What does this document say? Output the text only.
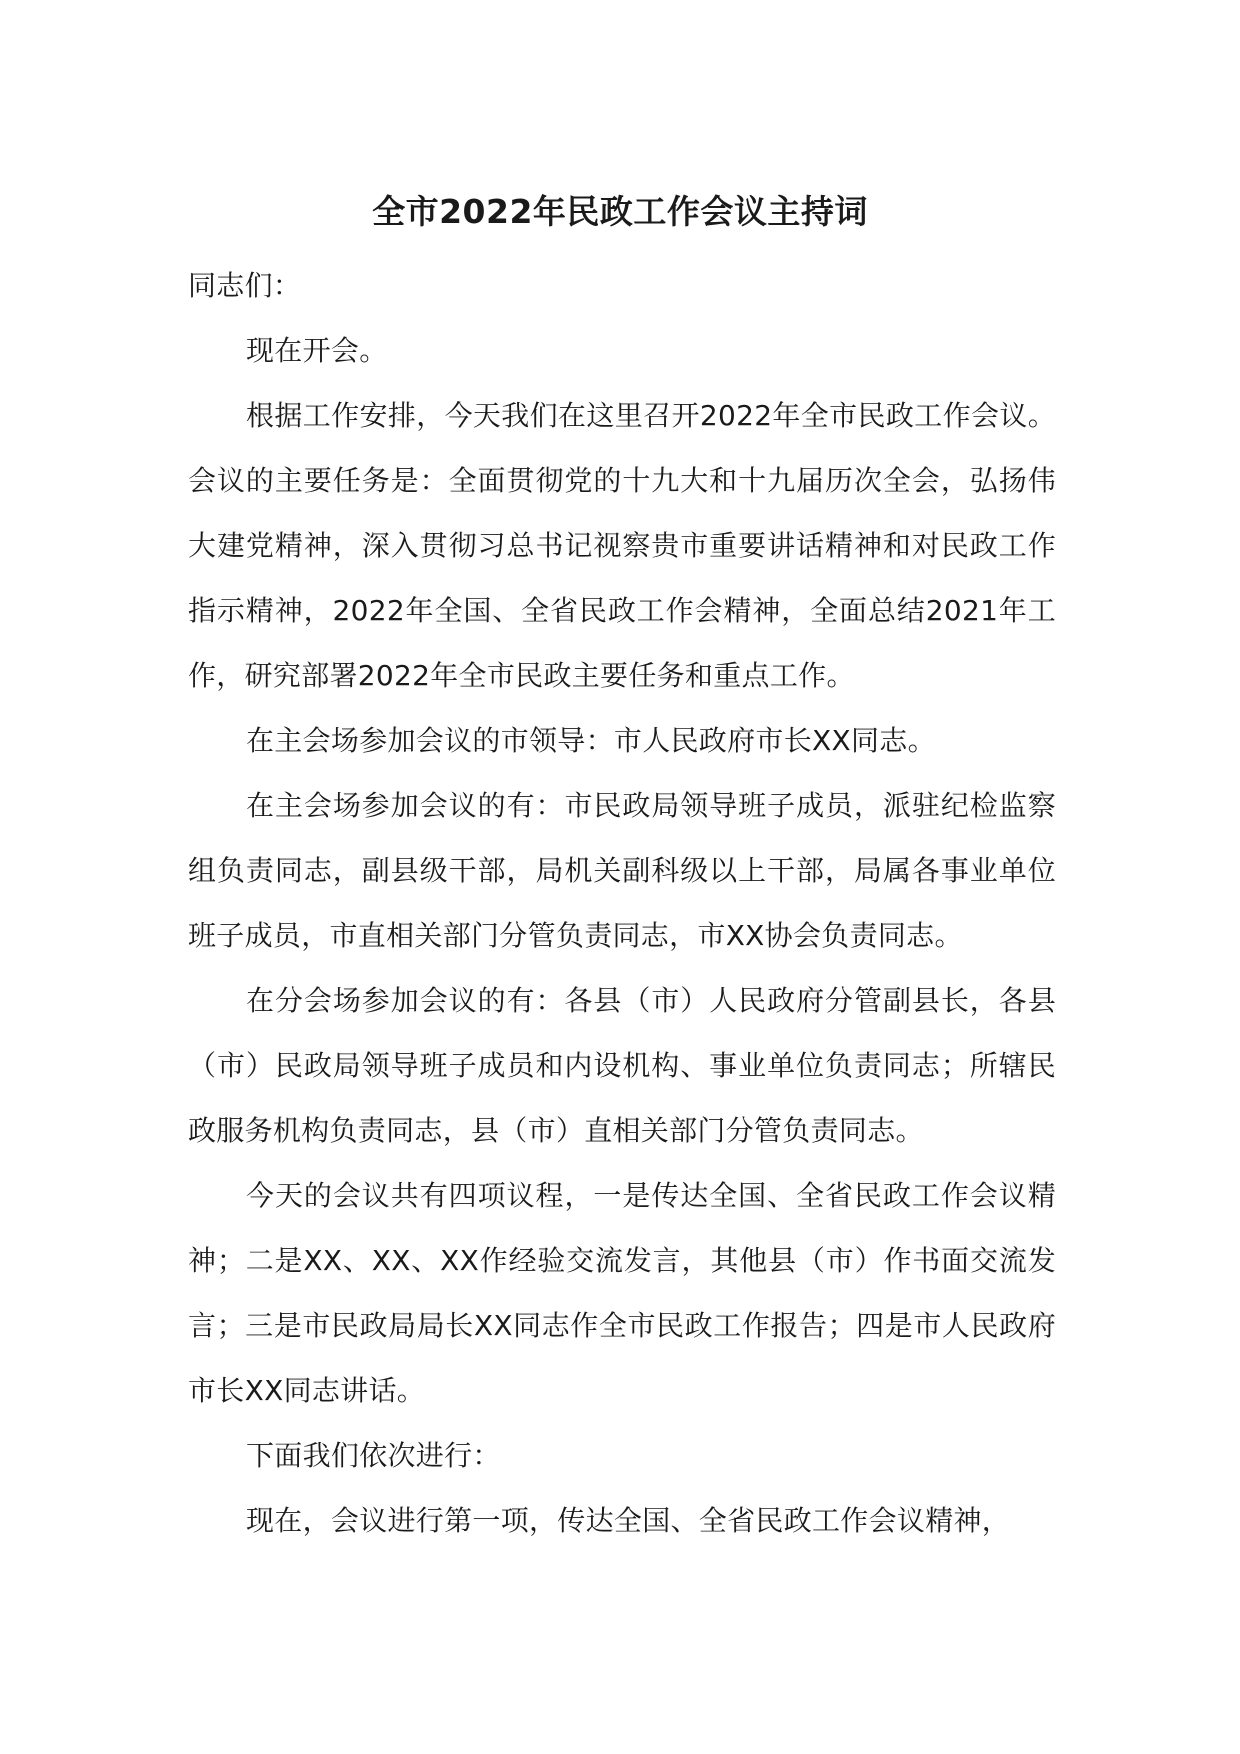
全市2022年民政工作会议主持词

同志们：

现在开会。

根据工作安排，今天我们在这里召开2022年全市民政工作会议。会议的主要任务是：全面贯彻党的十九大和十九届历次全会，弘扬伟大建党精神，深入贯彻习总书记视察贵市重要讲话精神和对民政工作指示精神，2022年全国、全省民政工作会精神，全面总结2021年工作，研究部署2022年全市民政主要任务和重点工作。

在主会场参加会议的市领导：市人民政府市长XX同志。

在主会场参加会议的有：市民政局领导班子成员，派驻纪检监察组负责同志，副县级干部，局机关副科级以上干部，局属各事业单位班子成员，市直相关部门分管负责同志，市XX协会负责同志。

在分会场参加会议的有：各县（市）人民政府分管副县长，各县（市）民政局领导班子成员和内设机构、事业单位负责同志；所辖民政服务机构负责同志，县（市）直相关部门分管负责同志。

今天的会议共有四项议程，一是传达全国、全省民政工作会议精神；二是XX、XX、XX作经验交流发言，其他县（市）作书面交流发言；三是市民政局局长XX同志作全市民政工作报告；四是市人民政府市长XX同志讲话。

下面我们依次进行：

现在，会议进行第一项，传达全国、全省民政工作会议精神，
